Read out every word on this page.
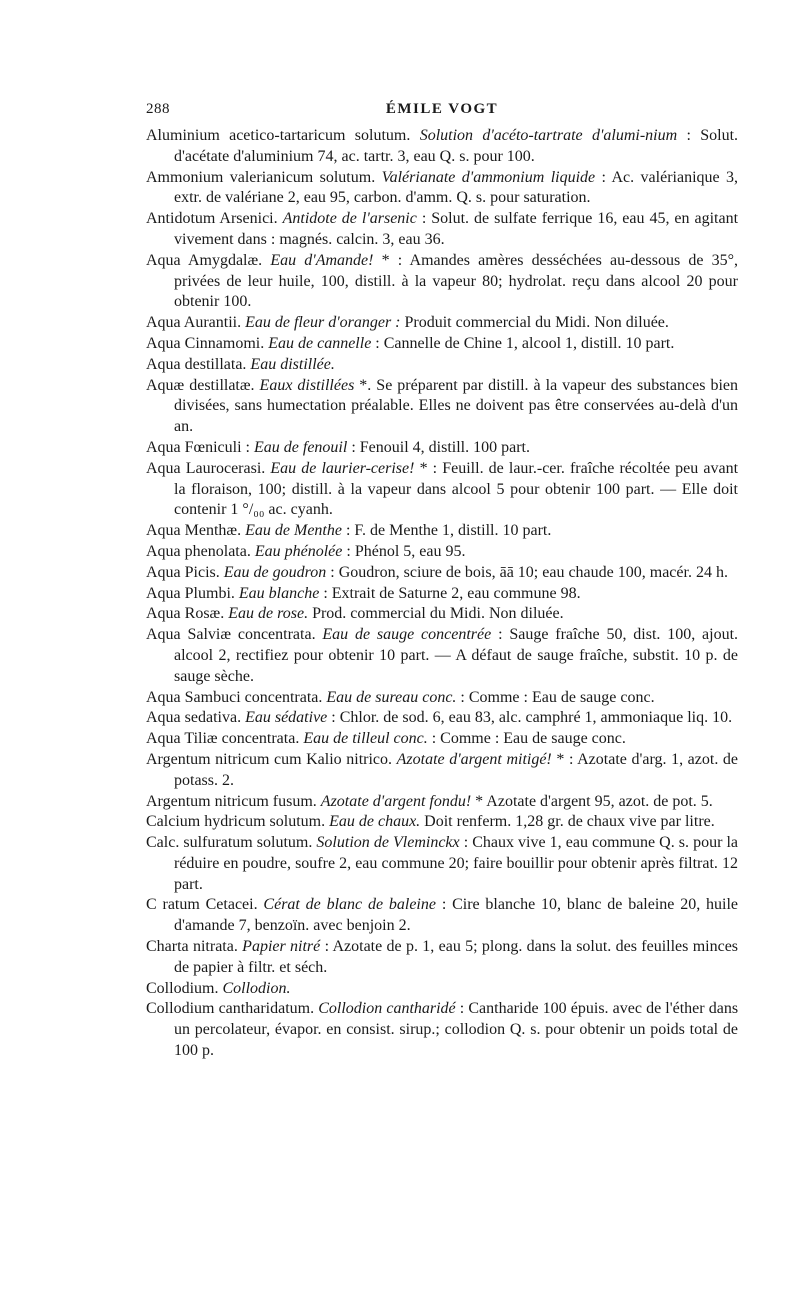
288	ÉMILE VOGT

Aluminium acetico-tartaricum solutum. Solution d'acéto-tartrate d'alumi-nium : Solut. d'acétate d'aluminium 74, ac. tartr. 3, eau Q. s. pour 100.

Ammonium valerianicum solutum. Valérianate d'ammonium liquide : Ac. valérianique 3, extr. de valériane 2, eau 95, carbon. d'amm. Q. s. pour saturation.

Antidotum Arsenici. Antidote de l'arsenic : Solut. de sulfate ferrique 16, eau 45, en agitant vivement dans : magnés. calcin. 3, eau 36.

Aqua Amygdalæ. Eau d'Amande! * : Amandes amères desséchées au-dessous de 35°, privées de leur huile, 100, distill. à la vapeur 80; hydrolat. reçu dans alcool 20 pour obtenir 100.

Aqua Aurantii. Eau de fleur d'oranger : Produit commercial du Midi. Non diluée.

Aqua Cinnamomi. Eau de cannelle : Cannelle de Chine 1, alcool 1, distill. 10 part.

Aqua destillata. Eau distillée.

Aquæ destillatæ. Eaux distillées *. Se préparent par distill. à la vapeur des substances bien divisées, sans humectation préalable. Elles ne doivent pas être conservées au-delà d'un an.

Aqua Fœniculi : Eau de fenouil : Fenouil 4, distill. 100 part.

Aqua Laurocerasi. Eau de laurier-cerise! * : Feuill. de laur.-cer. fraîche récoltée peu avant la floraison, 100; distill. à la vapeur dans alcool 5 pour obtenir 100 part. — Elle doit contenir 1 °/₀₀ ac. cyanh.

Aqua Menthæ. Eau de Menthe : F. de Menthe 1, distill. 10 part.

Aqua phenolata. Eau phénolée : Phénol 5, eau 95.

Aqua Picis. Eau de goudron : Goudron, sciure de bois, āā 10; eau chaude 100, macér. 24 h.

Aqua Plumbi. Eau blanche : Extrait de Saturne 2, eau commune 98.

Aqua Rosæ. Eau de rose. Prod. commercial du Midi. Non diluée.

Aqua Salviæ concentrata. Eau de sauge concentrée : Sauge fraîche 50, dist. 100, ajout. alcool 2, rectifiez pour obtenir 10 part. — A défaut de sauge fraîche, substit. 10 p. de sauge sèche.

Aqua Sambuci concentrata. Eau de sureau conc. : Comme : Eau de sauge conc.

Aqua sedativa. Eau sédative : Chlor. de sod. 6, eau 83, alc. camphré 1, ammoniaque liq. 10.

Aqua Tiliæ concentrata. Eau de tilleul conc. : Comme : Eau de sauge conc.

Argentum nitricum cum Kalio nitrico. Azotate d'argent mitigé! * : Azotate d'arg. 1, azot. de potass. 2.

Argentum nitricum fusum. Azotate d'argent fondu! * Azotate d'argent 95, azot. de pot. 5.

Calcium hydricum solutum. Eau de chaux. Doit renferm. 1,28 gr. de chaux vive par litre.

Calc. sulfuratum solutum. Solution de Vleminckx : Chaux vive 1, eau commune Q. s. pour la réduire en poudre, soufre 2, eau commune 20; faire bouillir pour obtenir après filtrat. 12 part.

C ratum Cetacei. Cérat de blanc de baleine : Cire blanche 10, blanc de baleine 20, huile d'amande 7, benzoïn. avec benjoin 2.

Charta nitrata. Papier nitré : Azotate de p. 1, eau 5; plong. dans la solut. des feuilles minces de papier à filtr. et séch.

Collodium. Collodion.

Collodium cantharidatum. Collodion cantharidé : Cantharide 100 épuis. avec de l'éther dans un percolateur, évapor. en consist. sirup.; collodion Q. s. pour obtenir un poids total de 100 p.
